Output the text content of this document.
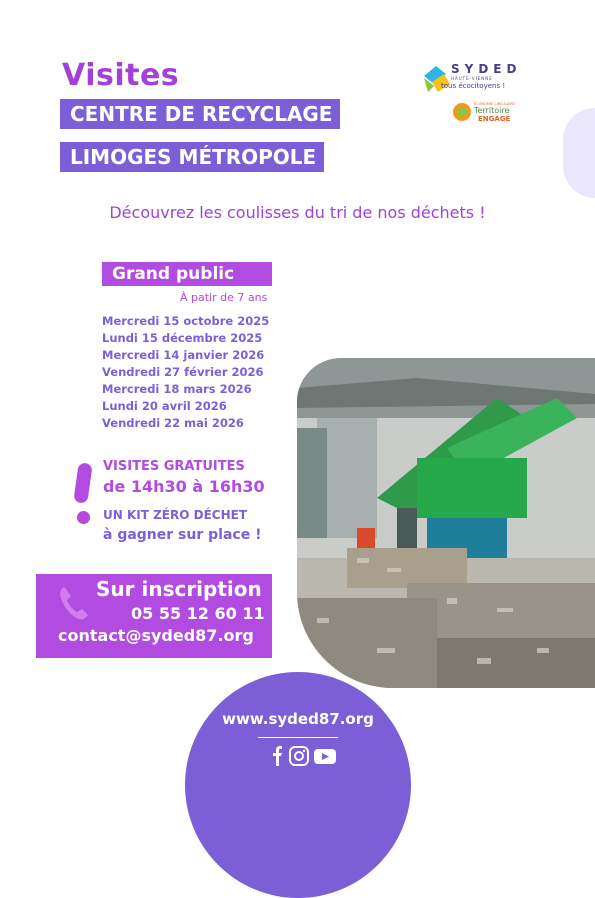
Visites
CENTRE DE RECYCLAGE
LIMOGES MÉTROPOLE
SYDED
HAUTE-VIENNE
tous écocitoyens !
ÉCONOMIE CIRCULAIRE
Territoire
ENGAGÉ
Découvrez les coulisses du tri de nos déchets !
Grand public
À patir de 7 ans
Mercredi 15 octobre 2025
Lundi 15 décembre 2025
Mercredi 14 janvier 2026
Vendredi 27 février 2026
Mercredi 18 mars 2026
Lundi 20 avril 2026
Vendredi 22 mai 2026
VISITES GRATUITES
de 14h30 à 16h30
UN KIT ZÉRO DÉCHET
à gagner sur place !
Sur inscription
05 55 12 60 11
contact@syded87.org
www.syded87.org
